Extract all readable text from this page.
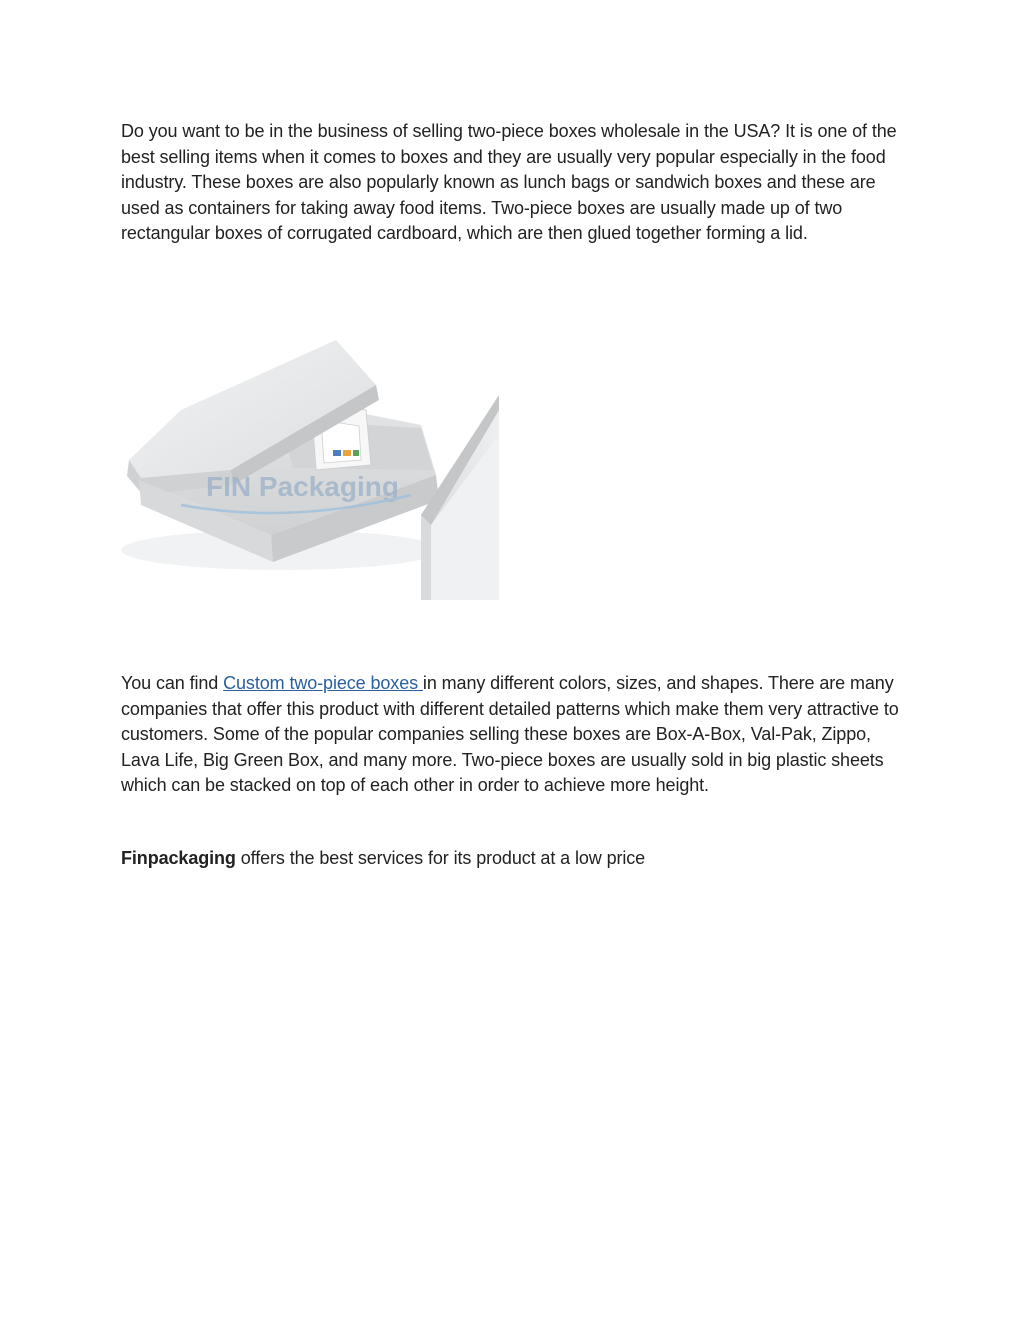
Do you want to be in the business of selling two-piece boxes wholesale in the USA? It is one of the best selling items when it comes to boxes and they are usually very popular especially in the food industry. These boxes are also popularly known as lunch bags or sandwich boxes and these are used as containers for taking away food items. Two-piece boxes are usually made up of two rectangular boxes of corrugated cardboard, which are then glued together forming a lid.

FIN Packaging

You can find Custom two-piece boxes in many different colors, sizes, and shapes. There are many companies that offer this product with different detailed patterns which make them very attractive to customers. Some of the popular companies selling these boxes are Box-A-Box, Val-Pak, Zippo, Lava Life, Big Green Box, and many more. Two-piece boxes are usually sold in big plastic sheets which can be stacked on top of each other in order to achieve more height.

Finpackaging offers the best services for its product at a low price
